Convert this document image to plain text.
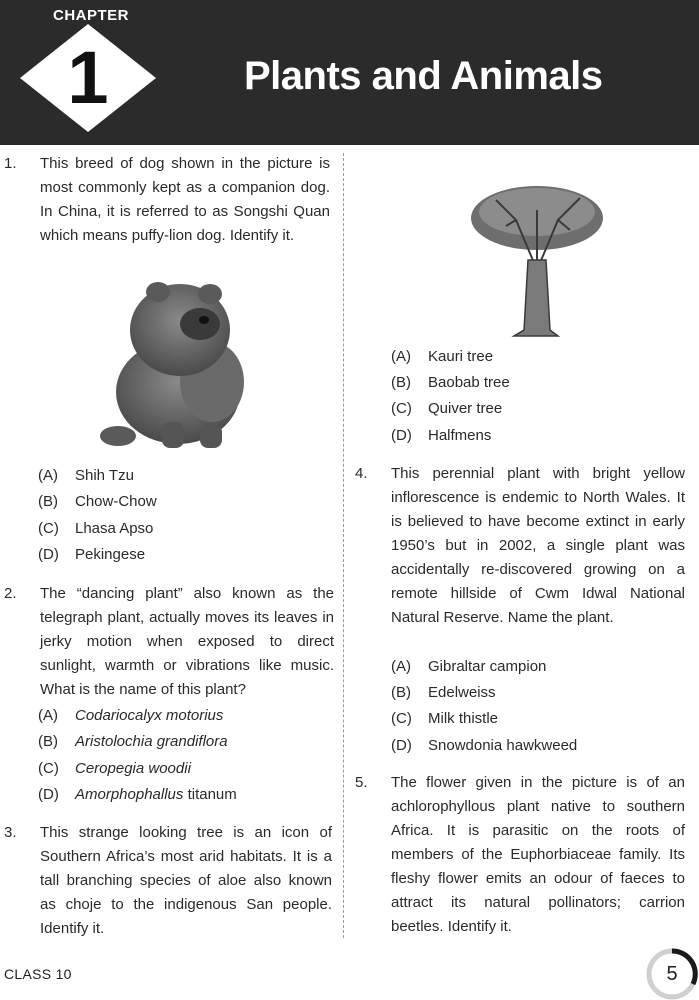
CHAPTER
1	Plants and Animals
1. This breed of dog shown in the picture is most commonly kept as a companion dog. In China, it is referred to as Songshi Quan which means puffy-lion dog. Identify it.
(A) Shih Tzu
(B) Chow-Chow
(C) Lhasa Apso
(D) Pekingese
2. The “dancing plant” also known as the telegraph plant, actually moves its leaves in jerky motion when exposed to direct sunlight, warmth or vibrations like music. What is the name of this plant?
(A) Codariocalyx motorius
(B) Aristolochia grandiflora
(C) Ceropegia woodii
(D) Amorphophallus titanum
3. This strange looking tree is an icon of Southern Africa’s most arid habitats. It is a tall branching species of aloe also known as choje to the indigenous San people. Identify it.
(A) Kauri tree
(B) Baobab tree
(C) Quiver tree
(D) Halfmens
4. This perennial plant with bright yellow inflorescence is endemic to North Wales. It is believed to have become extinct in early 1950’s but in 2002, a single plant was accidentally re-discovered growing on a remote hillside of Cwm Idwal National Natural Reserve. Name the plant.
(A) Gibraltar campion
(B) Edelweiss
(C) Milk thistle
(D) Snowdonia hawkweed
5. The flower given in the picture is of an achlorophyllous plant native to southern Africa. It is parasitic on the roots of members of the Euphorbiaceae family. Its fleshy flower emits an odour of faeces to attract its natural pollinators; carrion beetles. Identify it.
CLASS 10	5
